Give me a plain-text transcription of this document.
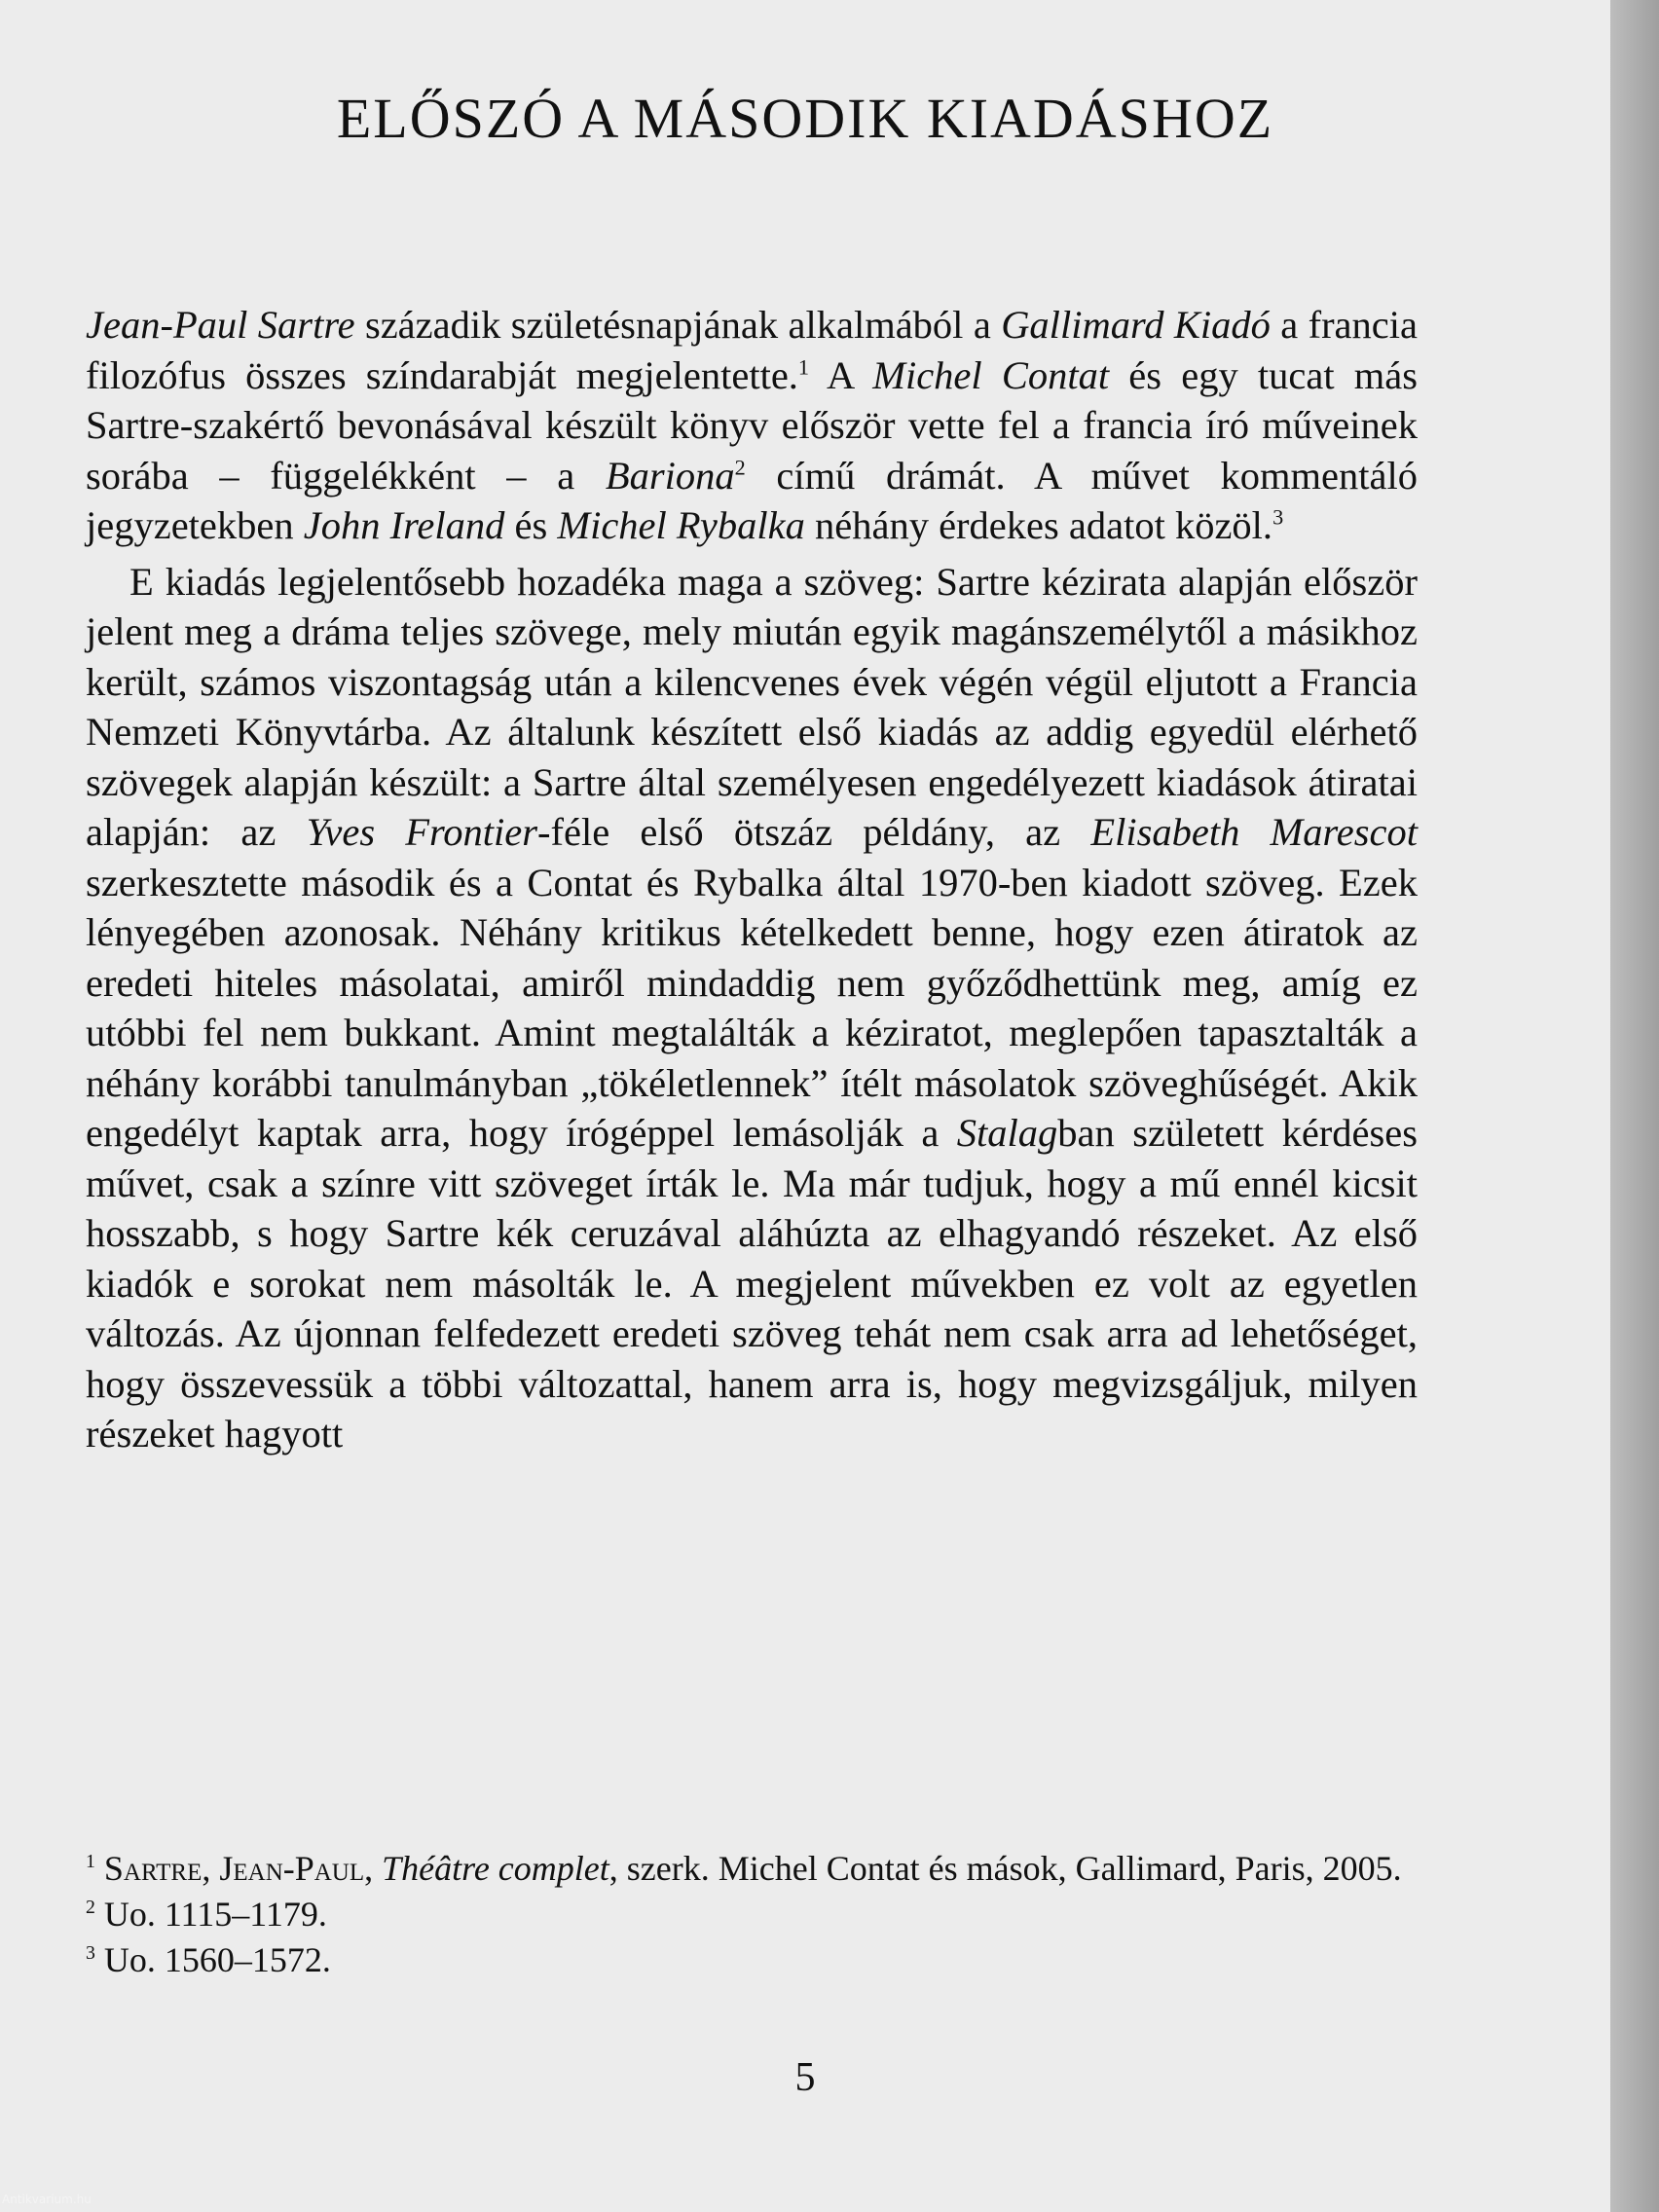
ELŐSZÓ A MÁSODIK KIADÁSHOZ

Jean-Paul Sartre századik születésnapjának alkalmából a Gallimard Kiadó a francia filozófus összes színdarabját megjelentette.$^1$ A Michel Contat és egy tucat más Sartre-szakértő bevonásával készült könyv először vette fel a francia író műveinek sorába – függelékként – a Bariona$^2$ című drámát. A művet kommentáló jegyzetekben John Ireland és Michel Rybalka néhány érdekes adatot közöl.$^3$

E kiadás legjelentősebb hozadéka maga a szöveg: Sartre kézirata alapján először jelent meg a dráma teljes szövege, mely miután egyik magánszemélytől a másikhoz került, számos viszontagság után a kilencvenes évek végén végül eljutott a Francia Nemzeti Könyvtárba. Az általunk készített első kiadás az addig egyedül elérhető szövegek alapján készült: a Sartre által személyesen engedélyezett kiadások átiratai alapján: az Yves Frontier-féle első ötszáz példány, az Elisabeth Marescot szerkesztette második és a Contat és Rybalka által 1970-ben kiadott szöveg. Ezek lényegében azonosak. Néhány kritikus kételkedett benne, hogy ezen átiratok az eredeti hiteles másolatai, amiről mindaddig nem győződhettünk meg, amíg ez utóbbi fel nem bukkant. Amint megtalálták a kéziratot, meglepően tapasztalták a néhány korábbi tanulmányban „tökéletlennek” ítélt másolatok szöveghűségét. Akik engedélyt kaptak arra, hogy írógéppel lemásolják a Stalagban született kérdéses művet, csak a színre vitt szöveget írták le. Ma már tudjuk, hogy a mű ennél kicsit hosszabb, s hogy Sartre kék ceruzával aláhúzta az elhagyandó részeket. Az első kiadók e sorokat nem másolták le. A megjelent művekben ez volt az egyetlen változás. Az újonnan felfedezett eredeti szöveg tehát nem csak arra ad lehetőséget, hogy összevessük a többi változattal, hanem arra is, hogy megvizsgáljuk, milyen részeket hagyott

$^1$ Sartre, Jean-Paul, Théâtre complet, szerk. Michel Contat és mások, Gallimard, Paris, 2005.
$^2$ Uo. 1115–1179.
$^3$ Uo. 1560–1572.
5
Antikvarium.hu
